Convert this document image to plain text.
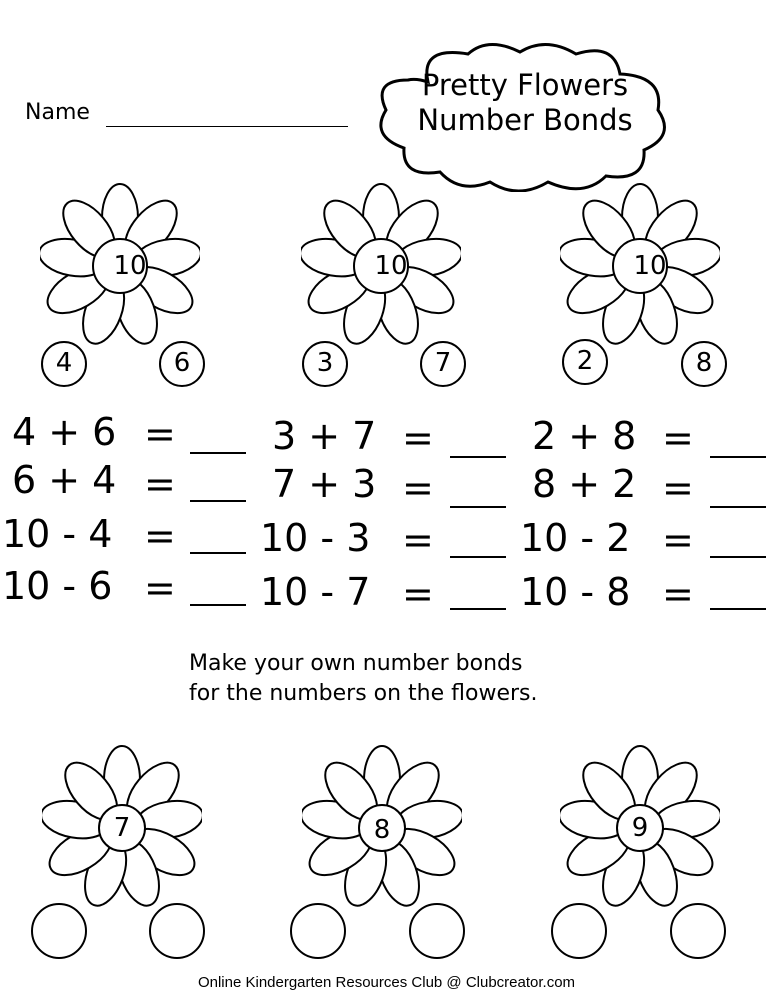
Name
Pretty Flowers
Number Bonds
10
4	6
10
3	7
10
2	8
4 + 6 =	3 + 7 =	2 + 8 =
6 + 4 =	7 + 3 =	8 + 2 =
10 - 4 = 10 - 3 = 10 - 2 =
10 - 6 = 10 - 7 = 10 - 8 =
Make your own number bonds
for the numbers on the flowers.
7	8	9
Online Kindergarten Resources Club @ Clubcreator.com
